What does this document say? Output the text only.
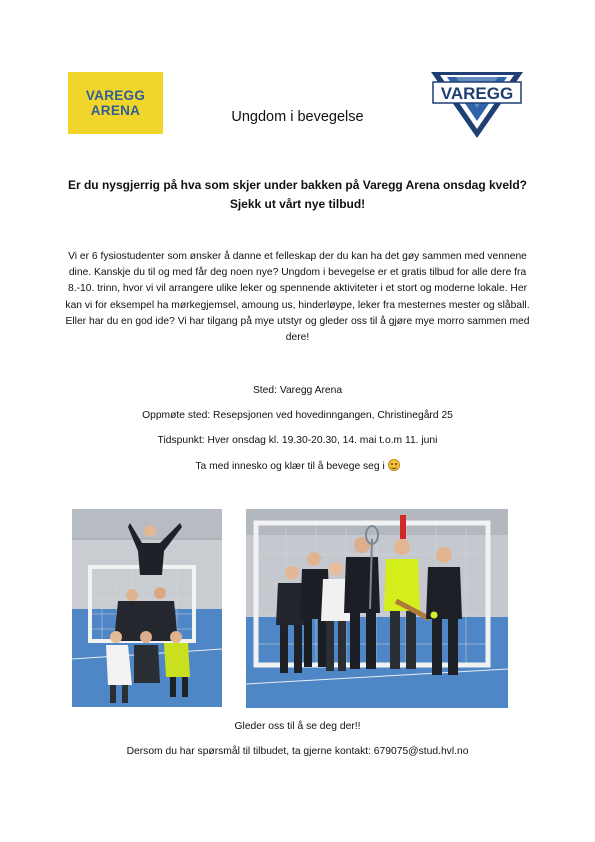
VAREGG
ARENA
VAREGG
Ungdom i bevegelse
Er du nysgjerrig på hva som skjer under bakken på Varegg Arena onsdag kveld? Sjekk ut vårt nye tilbud!
Vi er 6 fysiostudenter som ønsker å danne et felleskap der du kan ha det gøy sammen med vennene dine. Kanskje du til og med får deg noen nye? Ungdom i bevegelse er et gratis tilbud for alle dere fra 8.-10. trinn, hvor vi vil arrangere ulike leker og spennende aktiviteter i et stort og moderne lokale. Her kan vi for eksempel ha mørkegjemsel, amoung us, hinderløype, leker fra mesternes mester og slåball. Eller har du en god ide? Vi har tilgang på mye utstyr og gleder oss til å gjøre mye morro sammen med dere!
Sted: Varegg Arena
Oppmøte sted: Resepsjonen ved hovedinngangen, Christinegård 25
Tidspunkt: Hver onsdag kl. 19.30-20.30, 14. mai t.o.m 11. juni
Ta med innesko og klær til å bevege seg i
Gleder oss til å se deg der!!
Dersom du har spørsmål til tilbudet, ta gjerne kontakt: 679075@stud.hvl.no
